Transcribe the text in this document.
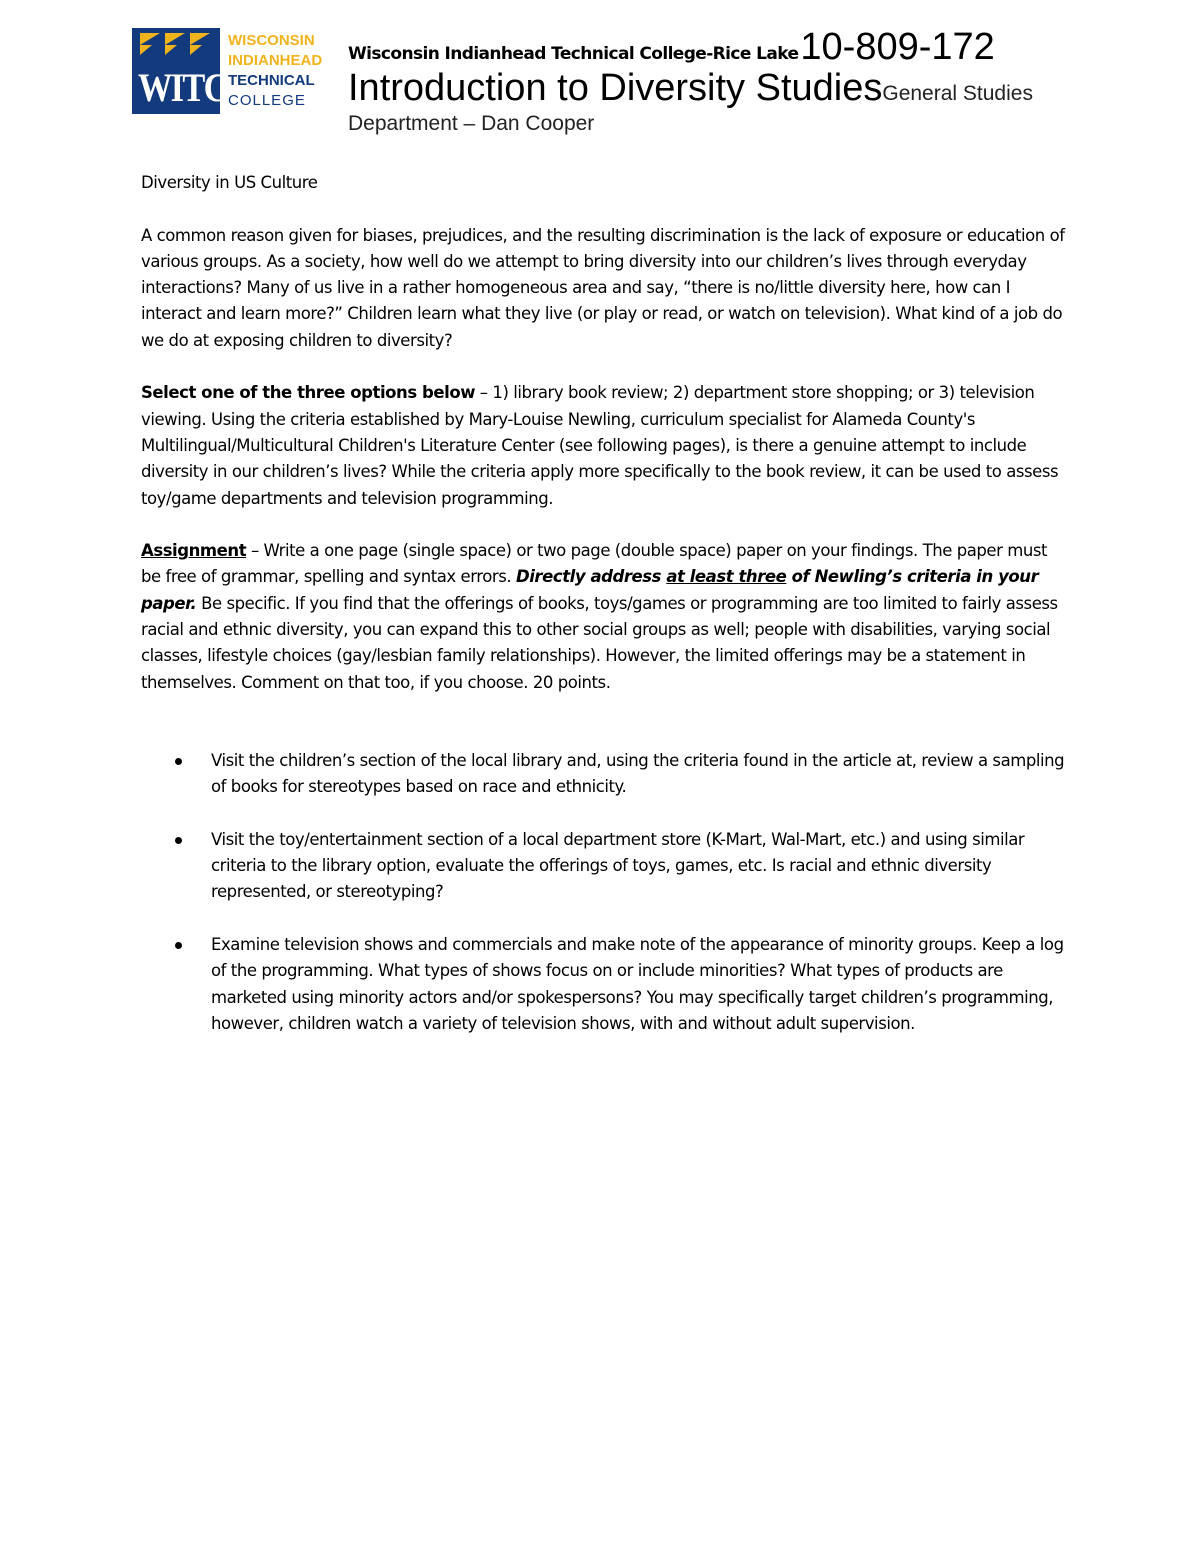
WITC
WISCONSIN
INDIANHEAD
TECHNICAL
COLLEGE
Wisconsin Indianhead Technical College-Rice Lake10-809-172
Introduction to Diversity StudiesGeneral Studies
Department – Dan Cooper

Diversity in US Culture

A common reason given for biases, prejudices, and the resulting discrimination is the lack of exposure or education of various groups. As a society, how well do we attempt to bring diversity into our children’s lives through everyday interactions? Many of us live in a rather homogeneous area and say, “there is no/little diversity here, how can I interact and learn more?” Children learn what they live (or play or read, or watch on television). What kind of a job do we do at exposing children to diversity?

Select one of the three options below – 1) library book review; 2) department store shopping; or 3) television viewing. Using the criteria established by Mary-Louise Newling, curriculum specialist for Alameda County's Multilingual/Multicultural Children's Literature Center (see following pages), is there a genuine attempt to include diversity in our children’s lives? While the criteria apply more specifically to the book review, it can be used to assess toy/game departments and television programming.

Assignment – Write a one page (single space) or two page (double space) paper on your findings. The paper must be free of grammar, spelling and syntax errors. Directly address at least three of Newling’s criteria in your paper. Be specific. If you find that the offerings of books, toys/games or programming are too limited to fairly assess racial and ethnic diversity, you can expand this to other social groups as well; people with disabilities, varying social classes, lifestyle choices (gay/lesbian family relationships). However, the limited offerings may be a statement in themselves. Comment on that too, if you choose. 20 points.

Visit the children’s section of the local library and, using the criteria found in the article at, review a sampling of books for stereotypes based on race and ethnicity.
Visit the toy/entertainment section of a local department store (K-Mart, Wal-Mart, etc.) and using similar criteria to the library option, evaluate the offerings of toys, games, etc. Is racial and ethnic diversity represented, or stereotyping?
Examine television shows and commercials and make note of the appearance of minority groups. Keep a log of the programming. What types of shows focus on or include minorities? What types of products are marketed using minority actors and/or spokespersons? You may specifically target children’s programming, however, children watch a variety of television shows, with and without adult supervision.
